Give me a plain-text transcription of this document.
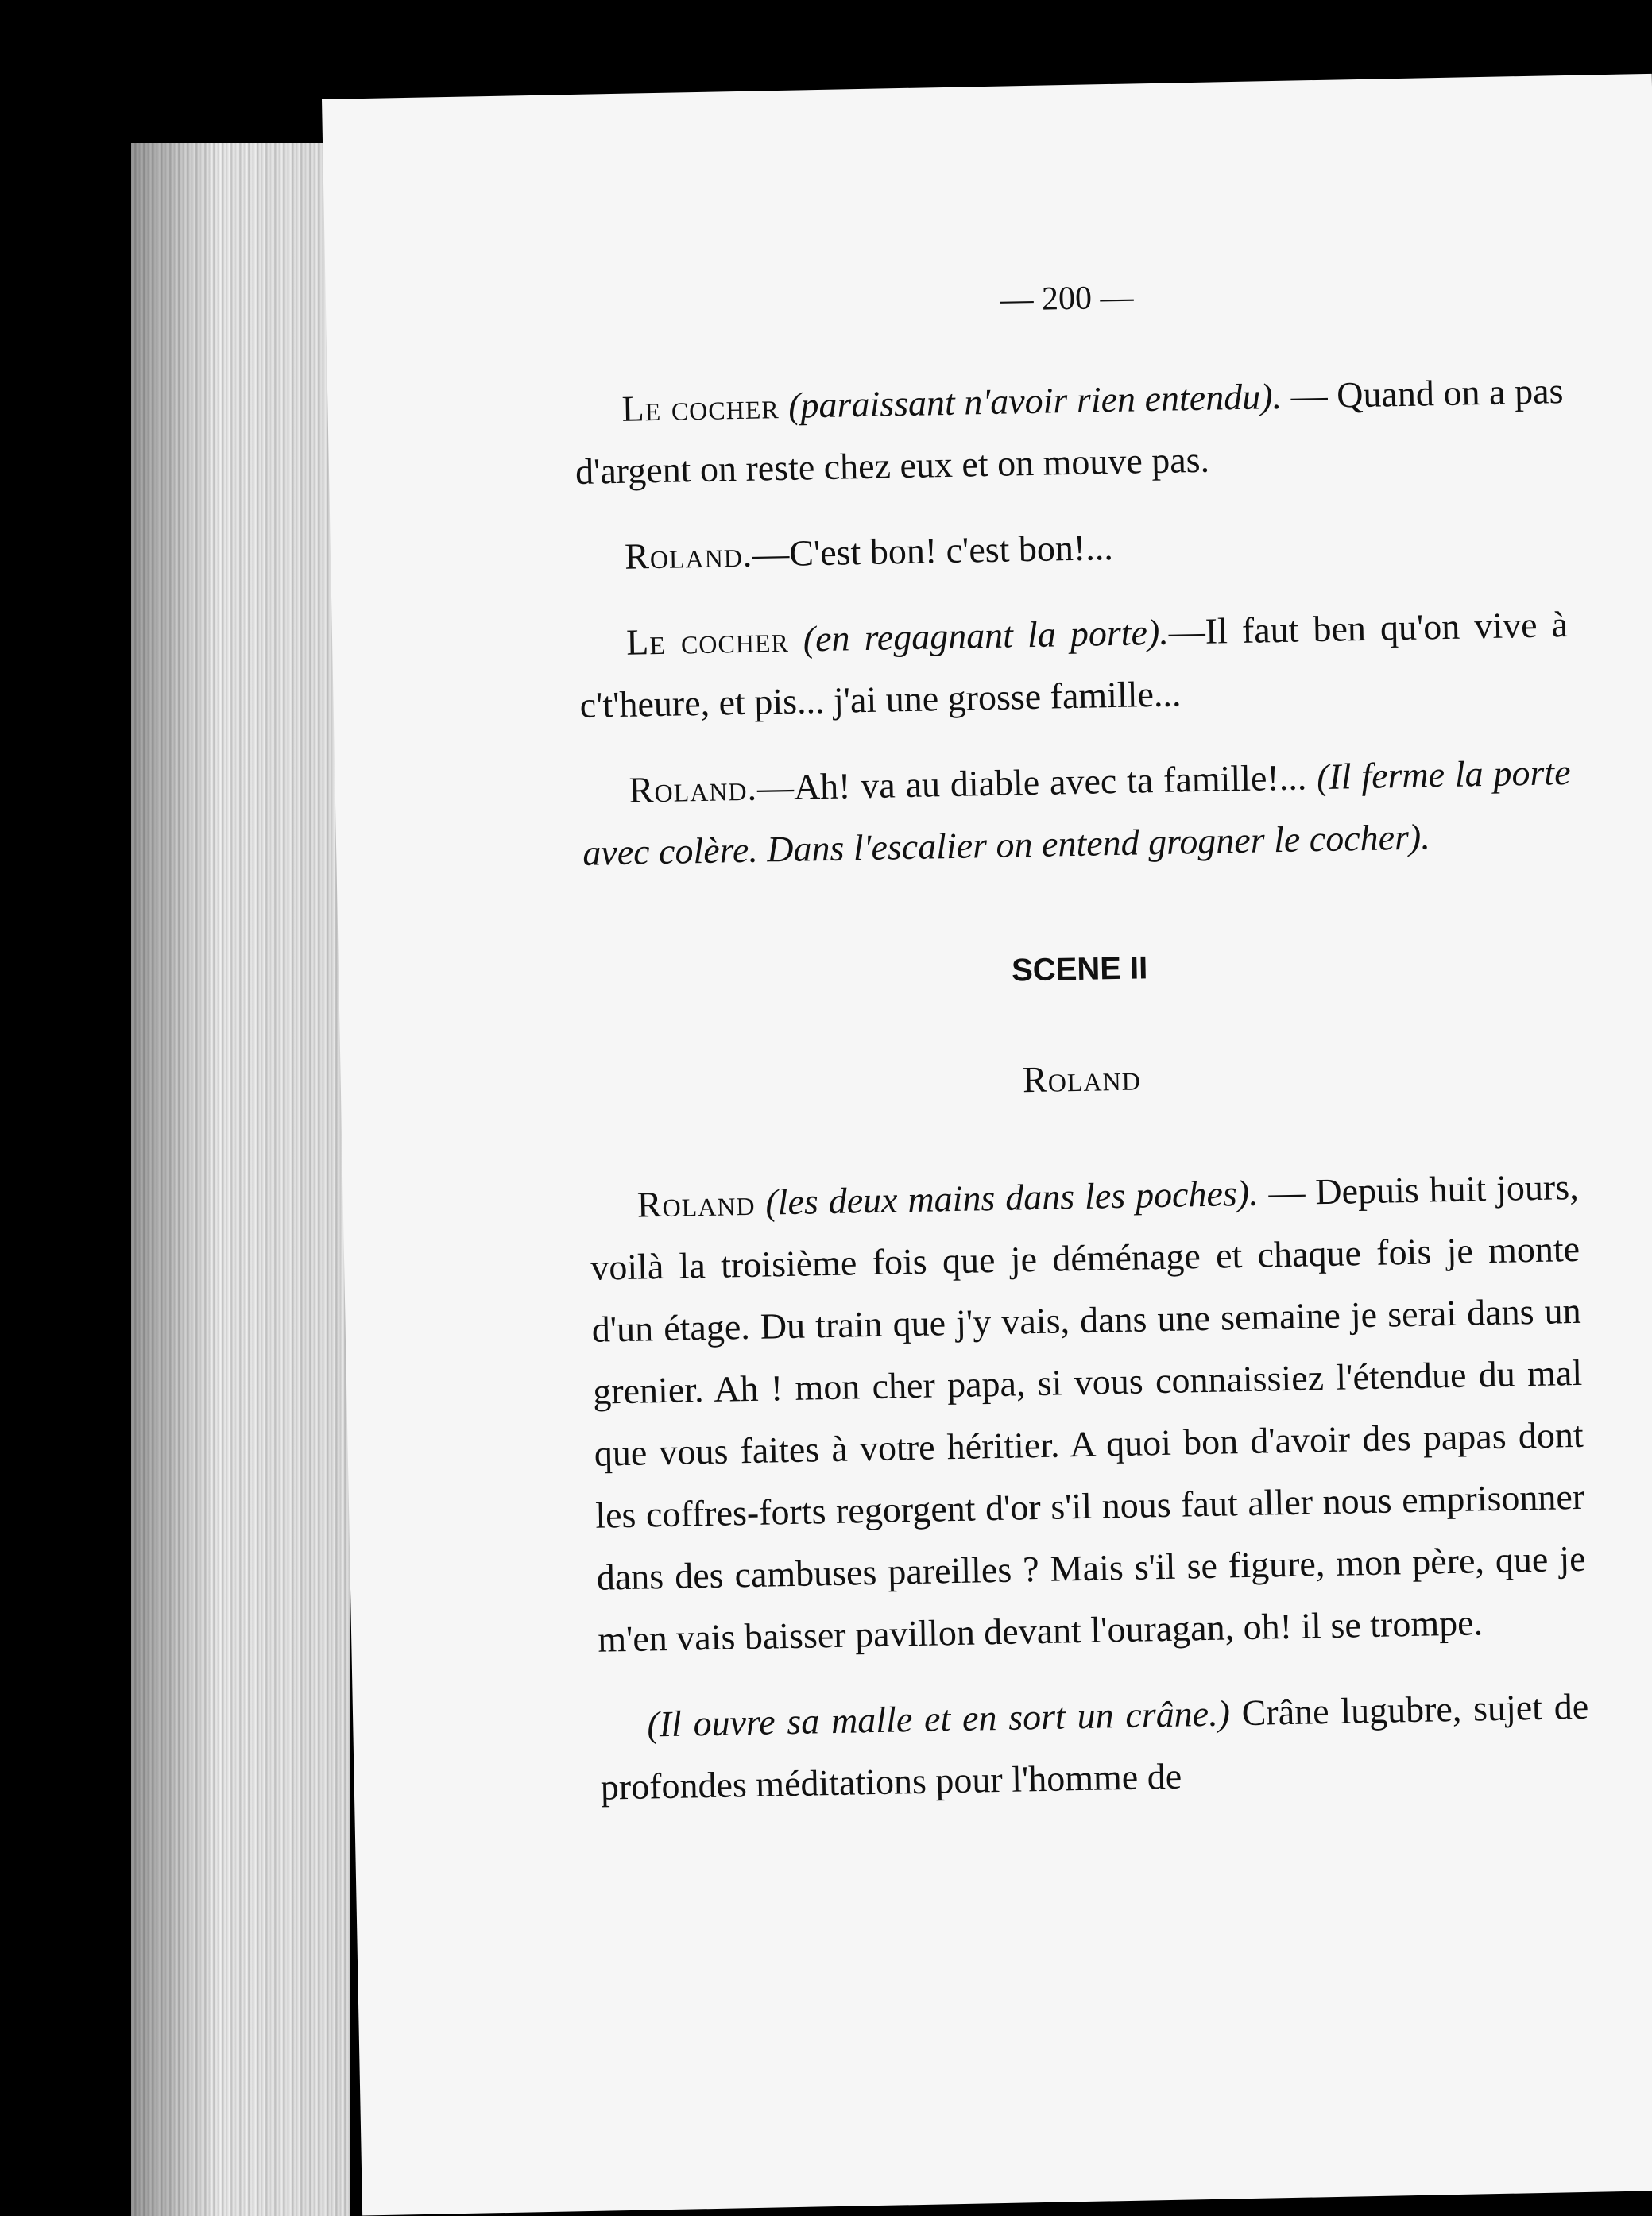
— 200 —

Le cocher (paraissant n'avoir rien entendu). — Quand on a pas d'argent on reste chez eux et on mouve pas.

Roland.—C'est bon! c'est bon!...

Le cocher (en regagnant la porte).—Il faut ben qu'on vive à c't'heure, et pis... j'ai une grosse famille...

Roland.—Ah! va au diable avec ta famille!... (Il ferme la porte avec colère. Dans l'escalier on entend grogner le cocher).

SCENE II
Roland

Roland (les deux mains dans les poches). — Depuis huit jours, voilà la troisième fois que je déménage et chaque fois je monte d'un étage. Du train que j'y vais, dans une semaine je serai dans un grenier. Ah ! mon cher papa, si vous connaissiez l'étendue du mal que vous faites à votre héritier. A quoi bon d'avoir des papas dont les coffres-forts regorgent d'or s'il nous faut aller nous emprisonner dans des cambuses pareilles ? Mais s'il se figure, mon père, que je m'en vais baisser pavillon devant l'ouragan, oh! il se trompe.

(Il ouvre sa malle et en sort un crâne.) Crâne lugubre, sujet de profondes méditations pour l'homme de
